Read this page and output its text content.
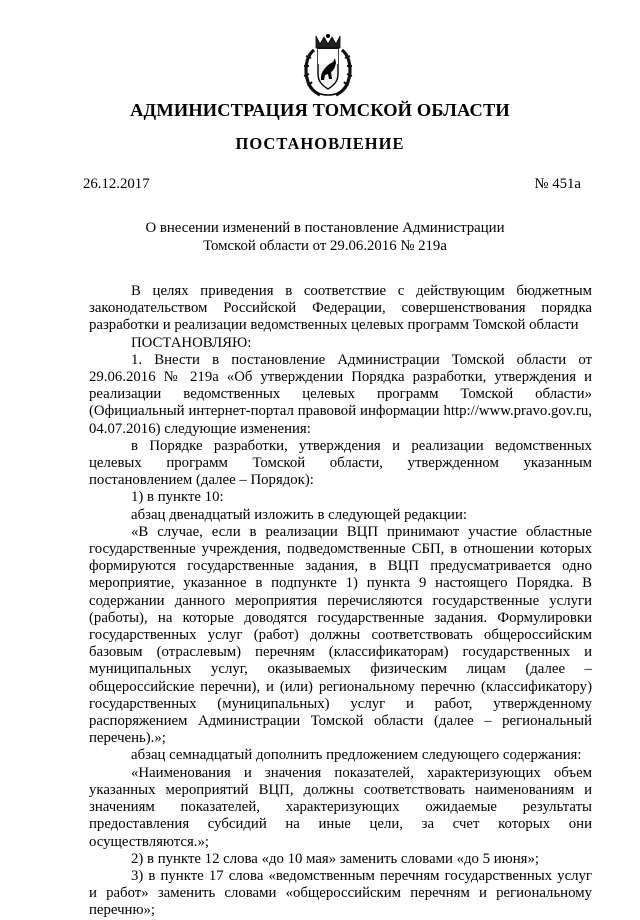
АДМИНИСТРАЦИЯ ТОМСКОЙ ОБЛАСТИ
ПОСТАНОВЛЕНИЕ
26.12.2017	№ 451а
О внесении изменений в постановление Администрации
Томской области от 29.06.2016 № 219а

В целях приведения в соответствие с действующим бюджетным законодательством Российской Федерации, совершенствования порядка разработки и реализации ведомственных целевых программ Томской области

ПОСТАНОВЛЯЮ:

1. Внести в постановление Администрации Томской области от 29.06.2016 № 219а «Об утверждении Порядка разработки, утверждения и реализации ведомственных целевых программ Томской области» (Официальный интернет-портал правовой информации http://www.pravo.gov.ru, 04.07.2016) следующие изменения:

в Порядке разработки, утверждения и реализации ведомственных целевых программ Томской области, утвержденном указанным постановлением (далее – Порядок):

1) в пункте 10:

абзац двенадцатый изложить в следующей редакции:

«В случае, если в реализации ВЦП принимают участие областные государственные учреждения, подведомственные СБП, в отношении которых формируются государственные задания, в ВЦП предусматривается одно мероприятие, указанное в подпункте 1) пункта 9 настоящего Порядка. В содержании данного мероприятия перечисляются государственные услуги (работы), на которые доводятся государственные задания. Формулировки государственных услуг (работ) должны соответствовать общероссийским базовым (отраслевым) перечням (классификаторам) государственных и муниципальных услуг, оказываемых физическим лицам (далее – общероссийские перечни), и (или) региональному перечню (классификатору) государственных (муниципальных) услуг и работ, утвержденному распоряжением Администрации Томской области (далее – региональный перечень).»;

абзац семнадцатый дополнить предложением следующего содержания:

«Наименования и значения показателей, характеризующих объем указанных мероприятий ВЦП, должны соответствовать наименованиям и значениям показателей, характеризующих ожидаемые результаты предоставления субсидий на иные цели, за счет которых они осуществляются.»;

2) в пункте 12 слова «до 10 мая» заменить словами «до 5 июня»;

3) в пункте 17 слова «ведомственным перечням государственных услуг и работ» заменить словами «общероссийским перечням и региональному перечню»;
